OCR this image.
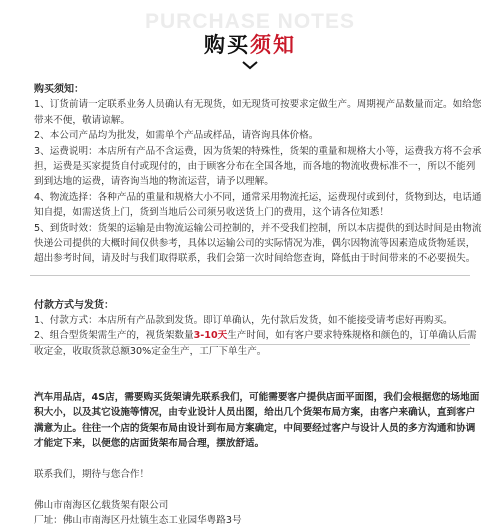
PURCHASE NOTES
购买须知

购买须知：

1、订货前请一定联系业务人员确认有无现货，如无现货可按要求定做生产。周期视产品数量而定。如给您

带来不便，敬请谅解。

2、本公司产品均为批发，如需单个产品或样品，请咨询具体价格。

3、运费说明：本店所有产品不含运费，因为货架的特殊性，货架的重量和规格大小等，运费我方将不会承

担，运费是买家提货自付或现付的，由于顾客分布在全国各地，而各地的物流收费标准不一，所以不能列

到到达地的运费，请咨询当地的物流运营，请予以理解。

4、物流选择：各种产品的重量和规格大小不同，通常采用物流托运，运费现付或到付，货物到达，电话通

知自提，如需送货上门，货到当地后公司须另收送货上门的费用，这个请各位知悉！

5、到货时效：货架的运输是由物流运输公司控制的，并不受我们控制，所以本店提供的到达时间是由物流

快递公司提供的大概时间仅供参考，具体以运输公司的实际情况为准，偶尔因物流等因素造成货物延误，

超出参考时间，请及时与我们取得联系，我们会第一次时间给您查询，降低由于时间带来的不必要损失。

付款方式与发货：

1、付款方式：本店所有产品款到发货。即订单确认，先付款后发货，如不能接受请考虑好再购买。

2、组合型货架需生产的，视货架数量3-10天生产时间，如有客户要求特殊规格和颜色的，订单确认后需

收定金，收取货款总额30%定金生产，工厂下单生产。

汽车用品店，4S店，需要购买货架请先联系我们，可能需要客户提供店面平面图，我们会根据您的场地面

积大小，以及其它设施等情况，由专业设计人员出图，给出几个货架布局方案，由客户来确认，直到客户

满意为止。往往一个店的货架布局由设计到布局方案确定，中间要经过客户与设计人员的多方沟通和协调

才能定下来，以便您的店面货架布局合理，摆放舒适。

联系我们，期待与您合作！

佛山市南海区亿载货架有限公司

厂址：佛山市南海区丹灶镇生态工业园华粤路3号
